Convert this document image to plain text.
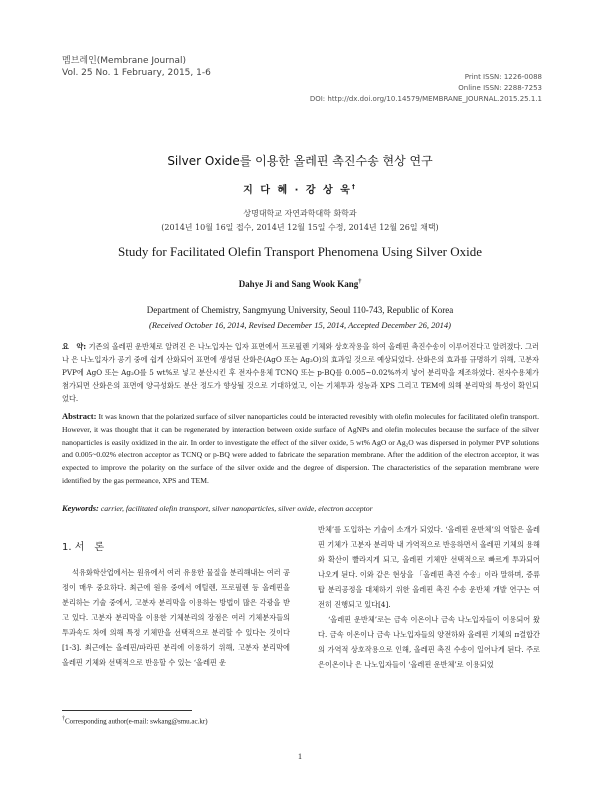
멤브레인(Membrane Journal)
Vol. 25 No. 1 February, 2015, 1-6	Print ISSN: 1226-0088
Online ISSN: 2288-7253
DOI: http://dx.doi.org/10.14579/MEMBRANE_JOURNAL.2015.25.1.1
Silver Oxide를 이용한 올레핀 촉진수송 현상 연구
지 다 혜 · 강 상 욱†
상명대학교 자연과학대학 화학과
(2014년 10월 16일 접수, 2014년 12월 15일 수정, 2014년 12월 26일 채택)
Study for Facilitated Olefin Transport Phenomena Using Silver Oxide
Dahye Ji and Sang Wook Kang†
Department of Chemistry, Sangmyung University, Seoul 110-743, Republic of Korea
(Received October 16, 2014, Revised December 15, 2014, Accepted December 26, 2014)
요　약: 기존의 올레핀 운반체로 알려진 은 나노입자는 입자 표면에서 프로필렌 기체와 상호작용을 하여 올레핀 촉진수송이 이루어진다고 알려졌다. 그러나 은 나노입자가 공기 중에 쉽게 산화되어 표면에 생성된 산화은(AgO 또는 Ag₂O)의 효과일 것으로 예상되었다. 산화은의 효과를 규명하기 위해, 고분자 PVP에 AgO 또는 Ag₂O를 5 wt%로 넣고 분산시킨 후 전자수용체 TCNQ 또는 p-BQ를 0.005~0.02%까지 넣어 분리막을 제조하였다. 전자수용체가 첨가되면 산화은의 표면에 양극성화도 분산 정도가 향상될 것으로 기대하였고, 이는 기체투과 성능과 XPS 그리고 TEM에 의해 분리막의 특성이 확인되었다.
Abstract: It was known that the polarized surface of silver nanoparticles could be interacted revesibly with olefin molecules for facilitated olefin transport. However, it was thought that it can be regenerated by interaction between oxide surface of AgNPs and olefin molecules because the surface of the silver nanoparticles is easily oxidized in the air. In order to investigate the effect of the silver oxide, 5 wt% AgO or Ag₂O was dispersed in polymer PVP solutions and 0.005~0.02% electron acceptor as TCNQ or p-BQ were added to fabricate the separation membrane. After the addition of the electron acceptor, it was expected to improve the polarity on the surface of the silver oxide and the degree of dispersion. The characteristics of the separation membrane were identified by the gas permeance, XPS and TEM.
Keywords: carrier, facilitated olefin transport, silver nanoparticles, silver oxide, electron acceptor
1. 서　론

석유화학산업에서는 원유에서 여러 유용한 물질을 분리해내는 여러 공정이 매우 중요하다. 최근에 원유 중에서 에틸렌, 프로필렌 등 올레핀을 분리하는 기술 중에서, 고분자 분리막을 이용하는 방법이 많은 각광을 받고 있다. 고분자 분리막을 이용한 기체분리의 장점은 여러 기체분자들의 투과속도 차에 의해 특정 기체만을 선택적으로 분리할 수 있다는 것이다[1-3]. 최근에는 올레핀/파라핀 분리에 이용하기 위해, 고분자 분리막에 올레핀 기체와 선택적으로 반응할 수 있는 ‘올레핀 운

반체’를 도입하는 기술이 소개가 되었다. ‘올레핀 운반체’의 역할은 올레핀 기체가 고분자 분리막 내 가역적으로 반응하면서 올레핀 기체의 용해와 확산이 빨라지게 되고, 올레핀 기체만 선택적으로 빠르게 투과되어 나오게 된다. 이와 같은 현상을 「올레핀 촉진 수송」이라 말하며, 증류탑 분리공정을 대체하기 위한 올레핀 촉진 수송 운반체 개발 연구는 여전히 진행되고 있다[4].

‘올레핀 운반체’로는 금속 이온이나 금속 나노입자들이 이용되어 왔다. 금속 이온이나 금속 나노입자들의 양전하와 올레핀 기체의 π결합간의 가역적 상호작용으로 인해, 올레핀 촉진 수송이 일어나게 된다. 주로 은이온이나 은 나노입자들이 ‘올레핀 운반체’로 이용되었

†Corresponding author(e-mail: swkang@smu.ac.kr)
1
